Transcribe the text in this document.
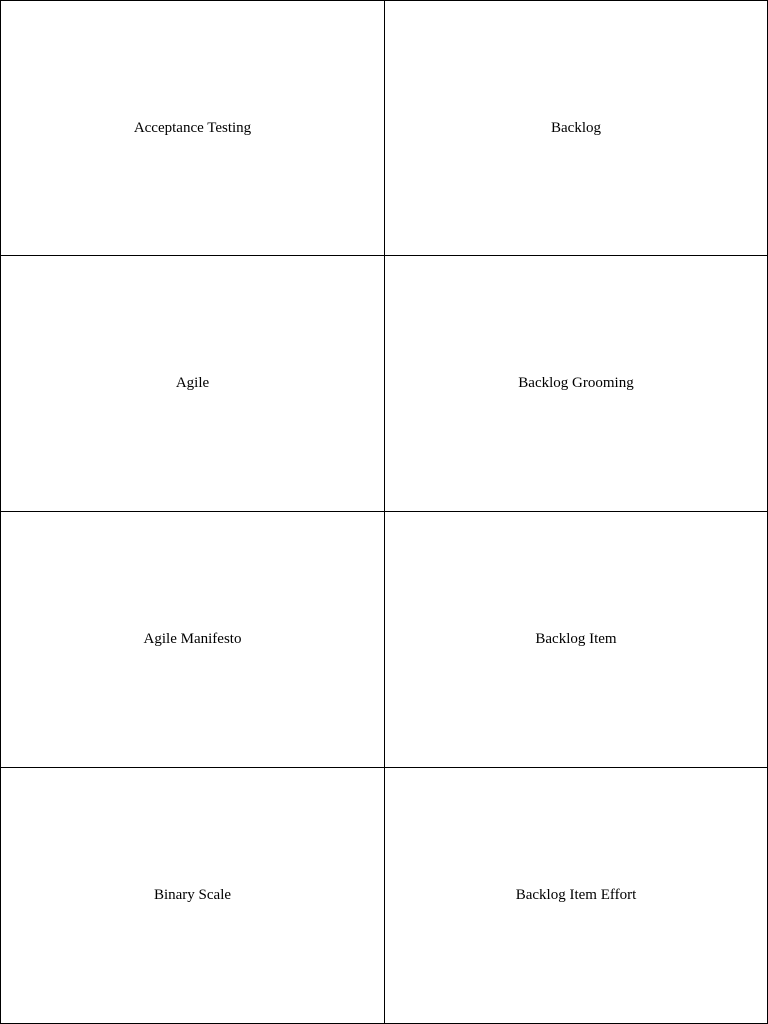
Acceptance Testing	Backlog
Agile	Backlog Grooming
Agile Manifesto	Backlog Item
Binary Scale	Backlog Item Effort
